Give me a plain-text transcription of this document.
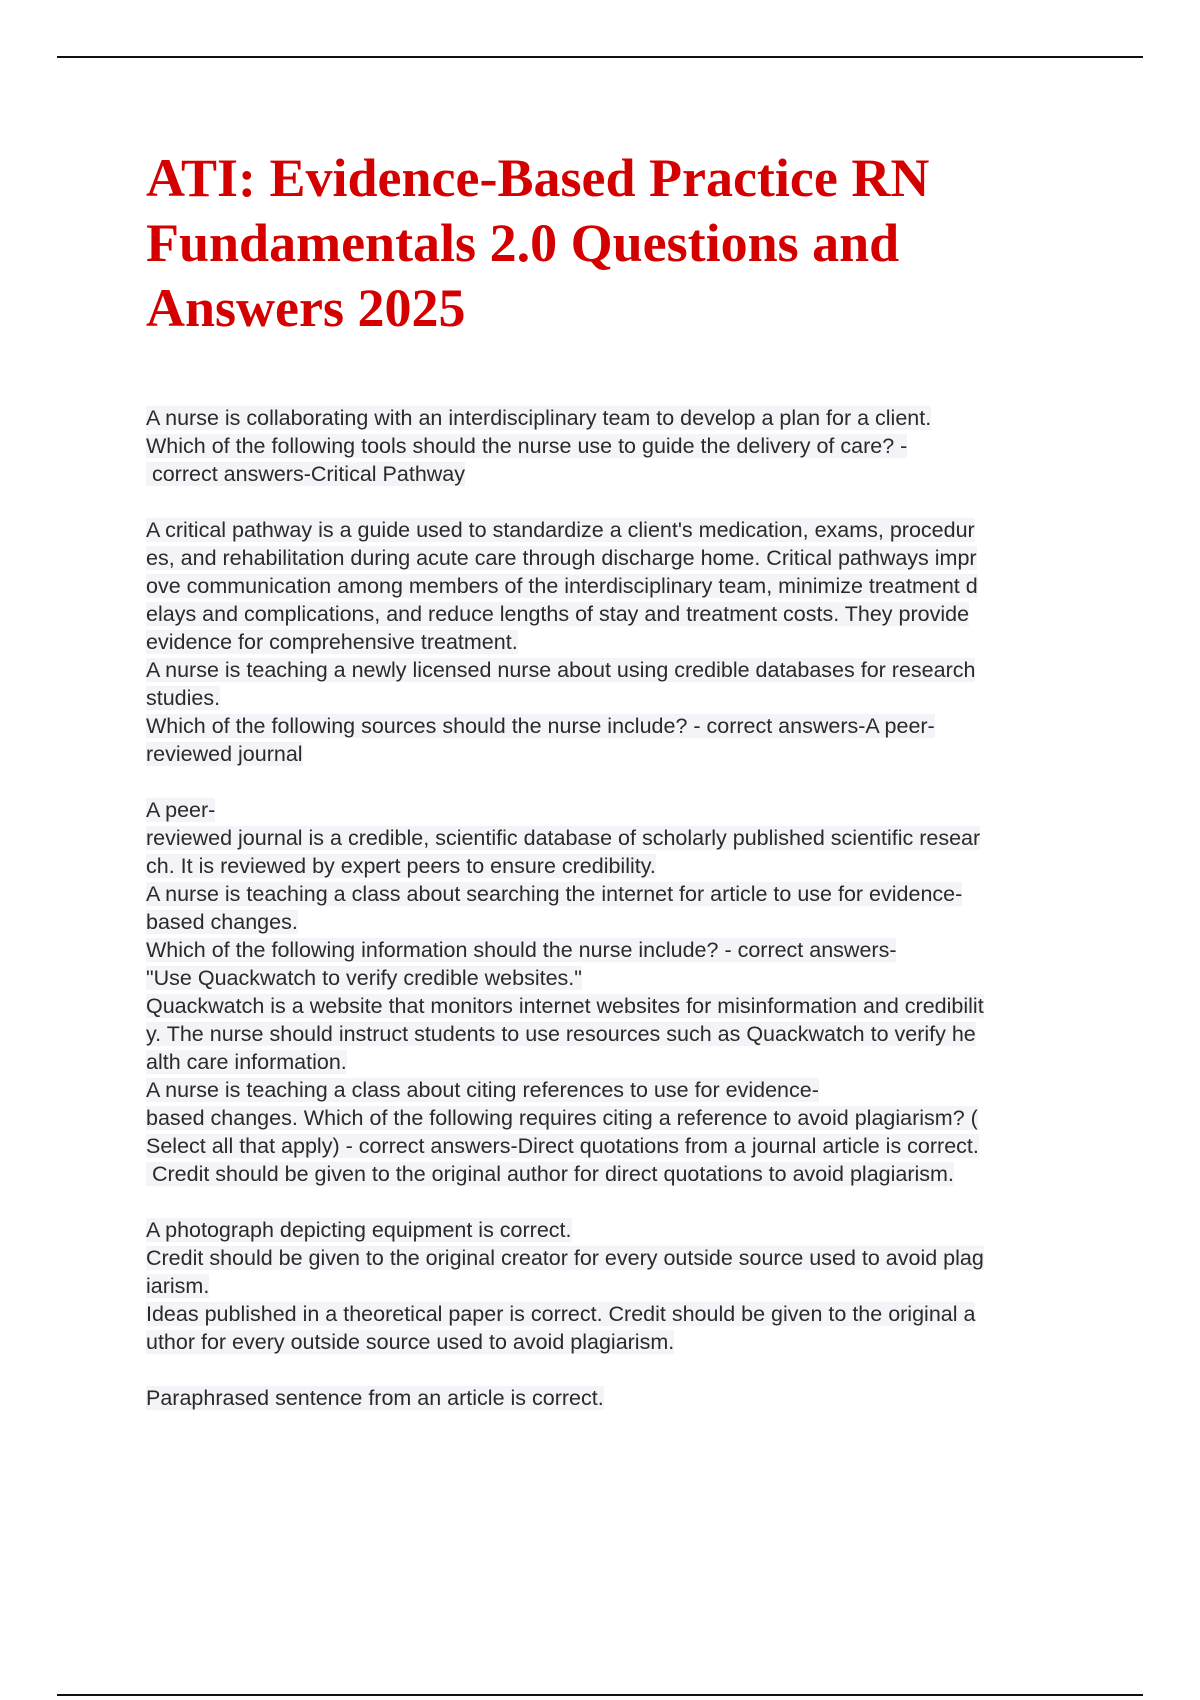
ATI: Evidence-Based Practice RN
Fundamentals 2.0 Questions and
Answers 2025
A nurse is collaborating with an interdisciplinary team to develop a plan for a client.
Which of the following tools should the nurse use to guide the delivery of care? -
correct answers-Critical Pathway
A critical pathway is a guide used to standardize a client's medication, exams, procedur
es, and rehabilitation during acute care through discharge home. Critical pathways impr
ove communication among members of the interdisciplinary team, minimize treatment d
elays and complications, and reduce lengths of stay and treatment costs. They provide
evidence for comprehensive treatment.
A nurse is teaching a newly licensed nurse about using credible databases for research
studies.
Which of the following sources should the nurse include? - correct answers-A peer-
reviewed journal
A peer-
reviewed journal is a credible, scientific database of scholarly published scientific resear
ch. It is reviewed by expert peers to ensure credibility.
A nurse is teaching a class about searching the internet for article to use for evidence-
based changes.
Which of the following information should the nurse include? - correct answers-
"Use Quackwatch to verify credible websites."
Quackwatch is a website that monitors internet websites for misinformation and credibilit
y. The nurse should instruct students to use resources such as Quackwatch to verify he
alth care information.
A nurse is teaching a class about citing references to use for evidence-
based changes. Which of the following requires citing a reference to avoid plagiarism? (
Select all that apply) - correct answers-Direct quotations from a journal article is correct.
Credit should be given to the original author for direct quotations to avoid plagiarism.
A photograph depicting equipment is correct.
Credit should be given to the original creator for every outside source used to avoid plag
iarism.
Ideas published in a theoretical paper is correct. Credit should be given to the original a
uthor for every outside source used to avoid plagiarism.
Paraphrased sentence from an article is correct.
